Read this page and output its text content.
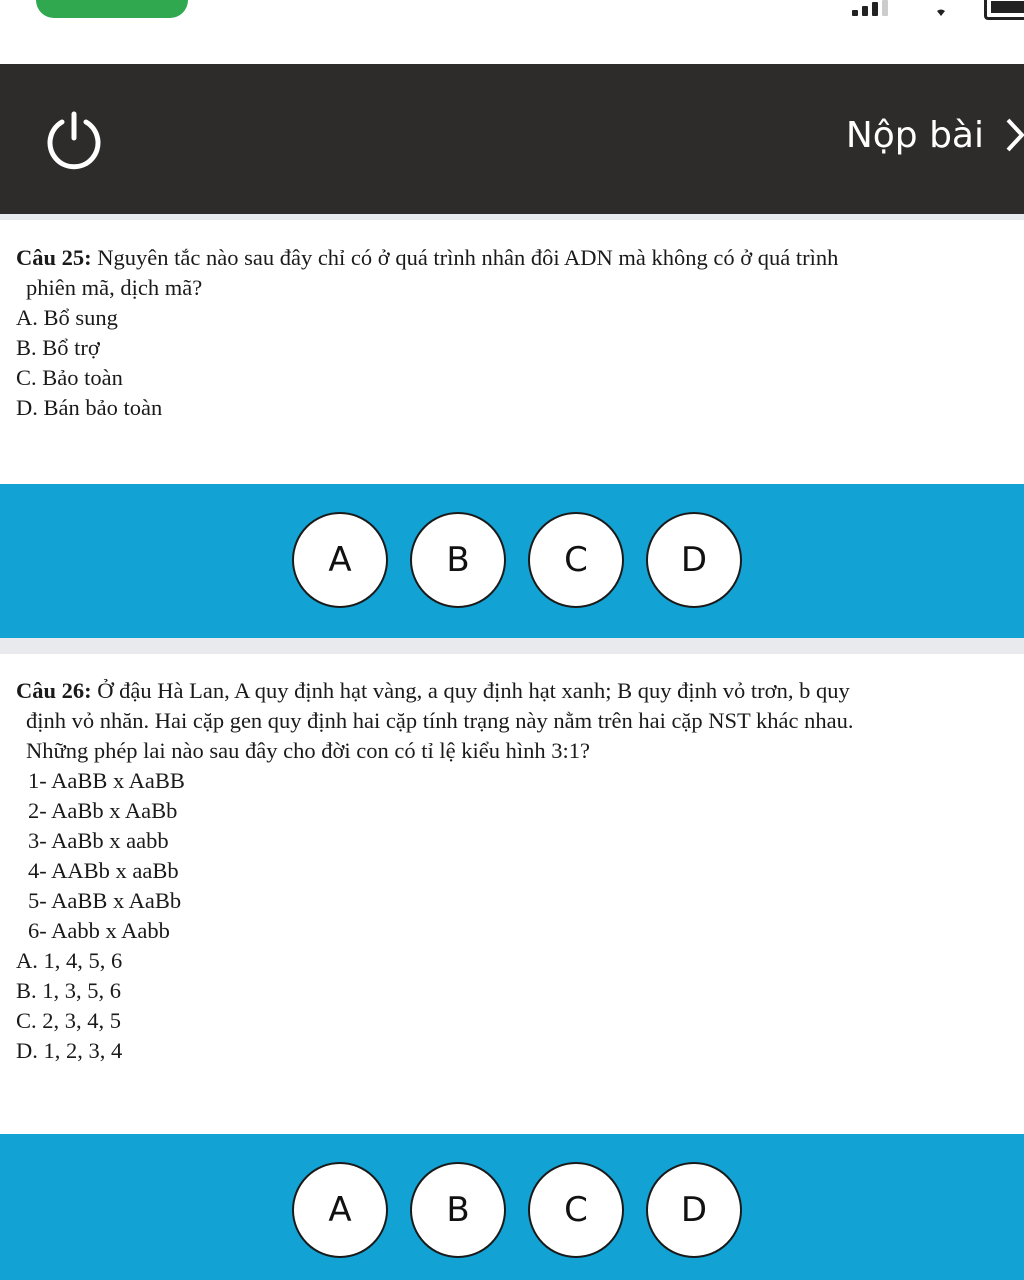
Nộp bài
Câu 25: Nguyên tắc nào sau đây chỉ có ở quá trình nhân đôi ADN mà không có ở quá trình
phiên mã, dịch mã?
A. Bổ sung
B. Bổ trợ
C. Bảo toàn
D. Bán bảo toàn
A	B	C	D
Câu 26: Ở đậu Hà Lan, A quy định hạt vàng, a quy định hạt xanh; B quy định vỏ trơn, b quy
định vỏ nhăn. Hai cặp gen quy định hai cặp tính trạng này nằm trên hai cặp NST khác nhau.
Những phép lai nào sau đây cho đời con có tỉ lệ kiểu hình 3:1?
1- AaBB x AaBB
2- AaBb x AaBb
3- AaBb x aabb
4- AABb x aaBb
5- AaBB x AaBb
6- Aabb x Aabb
A. 1, 4, 5, 6
B. 1, 3, 5, 6
C. 2, 3, 4, 5
D. 1, 2, 3, 4
A	B	C	D
